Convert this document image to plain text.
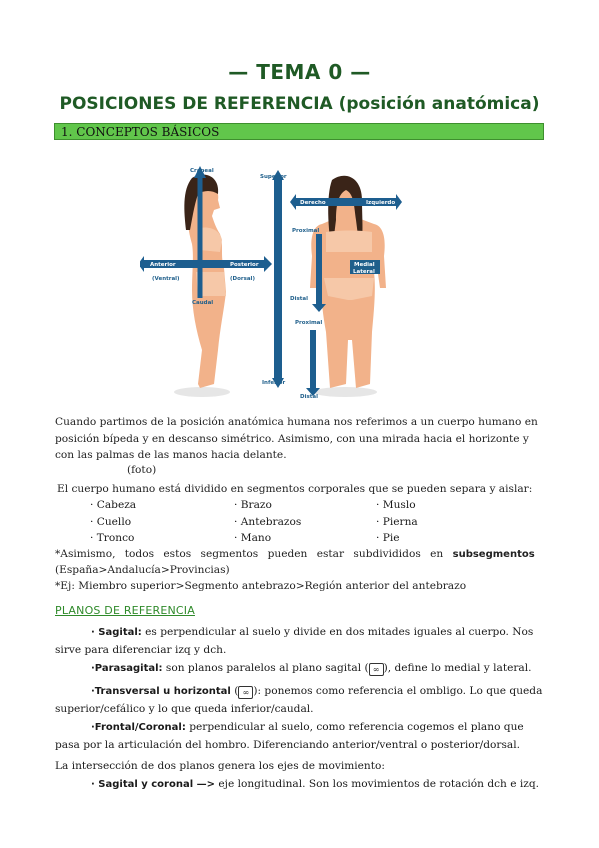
— TEMA 0 —
POSICIONES DE REFERENCIA (posición anatómica)
1. CONCEPTOS BÁSICOS
Craneal
Caudal
Anterior
(Ventral)
Posterior
(Dorsal)
Superior
Inferior
Derecho	Izquierdo
Proximal
Distal
Proximal
Distal
Medial
Lateral
Cuando partimos de la posición anatómica humana nos referimos a un cuerpo humano en posición bípeda y en descanso simétrico. Asimismo, con una mirada hacia el horizonte y con las palmas de las manos hacia delante.
(foto)
El cuerpo humano está dividido en segmentos corporales que se pueden separa y aislar:
· Cabeza
· Cuello
· Tronco
· Brazo
· Antebrazos
· Mano
· Muslo
· Pierna
· Pie
*Asimismo, todos estos segmentos pueden estar subdivididos en subsegmentos
(España>Andalucía>Provincias)
*Ej: Miembro superior>Segmento antebrazo>Región anterior del antebrazo
PLANOS DE REFERENCIA
· Sagital: es perpendicular al suelo y divide en dos mitades iguales al cuerpo. Nos sirve para diferenciar izq y dch.
·Parasagital: son planos paralelos al plano sagital ( ∞ ), define lo medial y lateral.
·Transversal u horizontal ( ∞ ): ponemos como referencia el ombligo. Lo que queda superior/cefálico y lo que queda inferior/caudal.
·Frontal/Coronal: perpendicular al suelo, como referencia cogemos el plano que pasa por la articulación del hombro. Diferenciando anterior/ventral o posterior/dorsal.
La intersección de dos planos genera los ejes de movimiento:
· Sagital y coronal —> eje longitudinal. Son los movimientos de rotación dch e izq.
